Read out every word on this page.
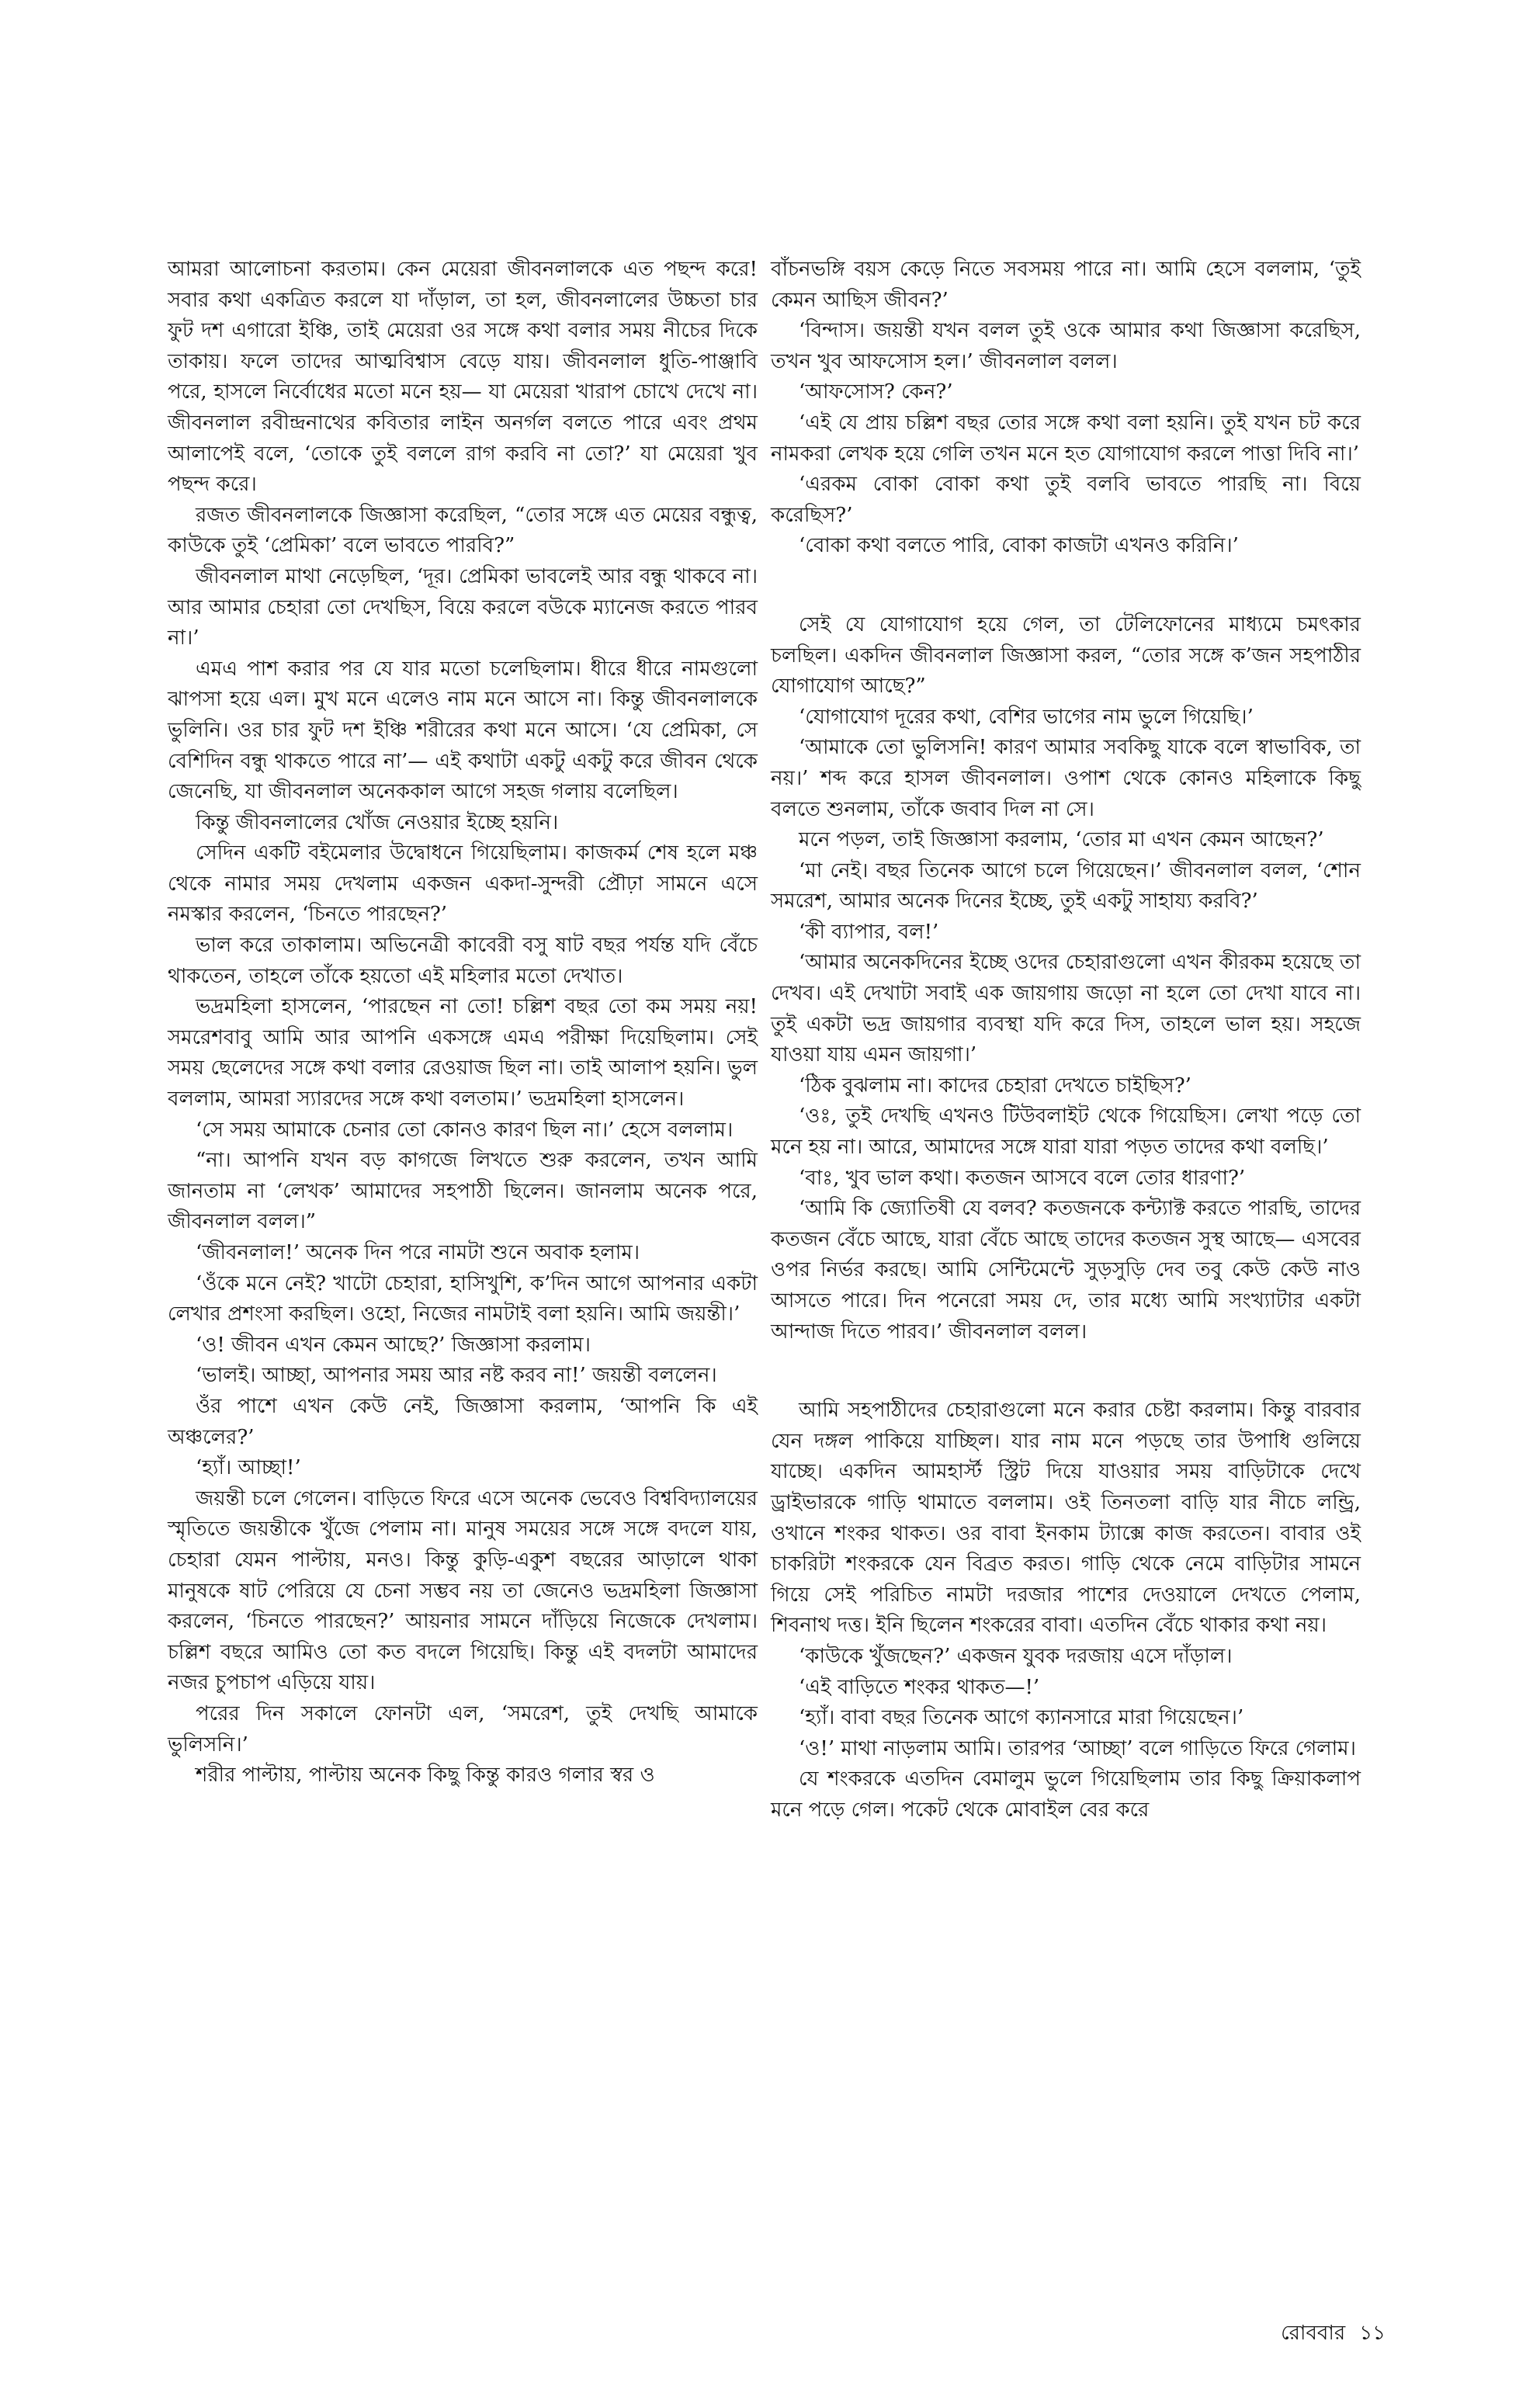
আমরা আলোচনা করতাম। কেন মেয়েরা জীবনলালকে এত পছন্দ করে! সবার কথা একত্রিত করলে যা দাঁড়াল, তা হল, জীবনলালের উচ্চতা চার ফুট দশ এগারো ইঞ্চি, তাই মেয়েরা ওর সঙ্গে কথা বলার সময় নীচের দিকে তাকায়। ফলে তাদের আত্মবিশ্বাস বেড়ে যায়। জীবনলাল ধুতি-পাঞ্জাবি পরে, হাসলে নির্বোধের মতো মনে হয়— যা মেয়েরা খারাপ চোখে দেখে না। জীবনলাল রবীন্দ্রনাথের কবিতার লাইন অনর্গল বলতে পারে এবং প্রথম আলাপেই বলে, ‘তোকে তুই বললে রাগ করবি না তো?’ যা মেয়েরা খুব পছন্দ করে।

রজত জীবনলালকে জিজ্ঞাসা করেছিল, “তোর সঙ্গে এত মেয়ের বন্ধুত্ব, কাউকে তুই ‘প্রেমিকা’ বলে ভাবতে পারবি?”

জীবনলাল মাথা নেড়েছিল, ‘দূর। প্রেমিকা ভাবলেই আর বন্ধু থাকবে না। আর আমার চেহারা তো দেখছিস, বিয়ে করলে বউকে ম্যানেজ করতে পারব না।’

এমএ পাশ করার পর যে যার মতো চলেছিলাম। ধীরে ধীরে নামগুলো ঝাপসা হয়ে এল। মুখ মনে এলেও নাম মনে আসে না। কিন্তু জীবনলালকে ভুলিনি। ওর চার ফুট দশ ইঞ্চি শরীরের কথা মনে আসে। ‘যে প্রেমিকা, সে বেশিদিন বন্ধু থাকতে পারে না’— এই কথাটা একটু একটু করে জীবন থেকে জেনেছি, যা জীবনলাল অনেককাল আগে সহজ গলায় বলেছিল।

কিন্তু জীবনলালের খোঁজ নেওয়ার ইচ্ছে হয়নি।

সেদিন একটি বইমেলার উদ্বোধনে গিয়েছিলাম। কাজকর্ম শেষ হলে মঞ্চ থেকে নামার সময় দেখলাম একজন একদা-সুন্দরী প্রৌঢ়া সামনে এসে নমস্কার করলেন, ‘চিনতে পারছেন?’

ভাল করে তাকালাম। অভিনেত্রী কাবেরী বসু ষাট বছর পর্যন্ত যদি বেঁচে থাকতেন, তাহলে তাঁকে হয়তো এই মহিলার মতো দেখাত।

ভদ্রমহিলা হাসলেন, ‘পারছেন না তো! চল্লিশ বছর তো কম সময় নয়! সমরেশবাবু আমি আর আপনি একসঙ্গে এমএ পরীক্ষা দিয়েছিলাম। সেই সময় ছেলেদের সঙ্গে কথা বলার রেওয়াজ ছিল না। তাই আলাপ হয়নি। ভুল বললাম, আমরা স্যারদের সঙ্গে কথা বলতাম।’ ভদ্রমহিলা হাসলেন।

‘সে সময় আমাকে চেনার তো কোনও কারণ ছিল না।’ হেসে বললাম।

“না। আপনি যখন বড় কাগজে লিখতে শুরু করলেন, তখন আমি জানতাম না ‘লেখক’ আমাদের সহপাঠী ছিলেন। জানলাম অনেক পরে, জীবনলাল বলল।”

‘জীবনলাল!’ অনেক দিন পরে নামটা শুনে অবাক হলাম।

‘ওঁকে মনে নেই? খাটো চেহারা, হাসিখুশি, ক’দিন আগে আপনার একটা লেখার প্রশংসা করছিল। ওহো, নিজের নামটাই বলা হয়নি। আমি জয়ন্তী।’

‘ও! জীবন এখন কেমন আছে?’ জিজ্ঞাসা করলাম।

‘ভালই। আচ্ছা, আপনার সময় আর নষ্ট করব না!’ জয়ন্তী বললেন।

ওঁর পাশে এখন কেউ নেই, জিজ্ঞাসা করলাম, ‘আপনি কি এই অঞ্চলের?’

‘হ্যাঁ। আচ্ছা!’

জয়ন্তী চলে গেলেন। বাড়িতে ফিরে এসে অনেক ভেবেও বিশ্ববিদ্যালয়ের স্মৃতিতে জয়ন্তীকে খুঁজে পেলাম না। মানুষ সময়ের সঙ্গে সঙ্গে বদলে যায়, চেহারা যেমন পাল্টায়, মনও। কিন্তু কুড়ি-একুশ বছরের আড়ালে থাকা মানুষকে ষাট পেরিয়ে যে চেনা সম্ভব নয় তা জেনেও ভদ্রমহিলা জিজ্ঞাসা করলেন, ‘চিনতে পারছেন?’ আয়নার সামনে দাঁড়িয়ে নিজেকে দেখলাম। চল্লিশ বছরে আমিও তো কত বদলে গিয়েছি। কিন্তু এই বদলটা আমাদের নজর চুপচাপ এড়িয়ে যায়।

পরের দিন সকালে ফোনটা এল, ‘সমরেশ, তুই দেখছি আমাকে ভুলিসনি।’

শরীর পাল্টায়, পাল্টায় অনেক কিছু কিন্তু কারও গলার স্বর ও

বাঁচনভঙ্গি বয়স কেড়ে নিতে সবসময় পারে না। আমি হেসে বললাম, ‘তুই কেমন আছিস জীবন?’

‘বিন্দাস। জয়ন্তী যখন বলল তুই ওকে আমার কথা জিজ্ঞাসা করেছিস, তখন খুব আফসোস হল।’ জীবনলাল বলল।

‘আফসোস? কেন?’

‘এই যে প্রায় চল্লিশ বছর তোর সঙ্গে কথা বলা হয়নি। তুই যখন চট করে নামকরা লেখক হয়ে গেলি তখন মনে হত যোগাযোগ করলে পাত্তা দিবি না।’

‘এরকম বোকা বোকা কথা তুই বলবি ভাবতে পারছি না। বিয়ে করেছিস?’

‘বোকা কথা বলতে পারি, বোকা কাজটা এখনও করিনি।’

সেই যে যোগাযোগ হয়ে গেল, তা টেলিফোনের মাধ্যমে চমৎকার চলছিল। একদিন জীবনলাল জিজ্ঞাসা করল, “তোর সঙ্গে ক’জন সহপাঠীর যোগাযোগ আছে?”

‘যোগাযোগ দূরের কথা, বেশির ভাগের নাম ভুলে গিয়েছি।’

‘আমাকে তো ভুলিসনি! কারণ আমার সবকিছু যাকে বলে স্বাভাবিক, তা নয়।’ শব্দ করে হাসল জীবনলাল। ওপাশ থেকে কোনও মহিলাকে কিছু বলতে শুনলাম, তাঁকে জবাব দিল না সে।

মনে পড়ল, তাই জিজ্ঞাসা করলাম, ‘তোর মা এখন কেমন আছেন?’

‘মা নেই। বছর তিনেক আগে চলে গিয়েছেন।’ জীবনলাল বলল, ‘শোন সমরেশ, আমার অনেক দিনের ইচ্ছে, তুই একটু সাহায্য করবি?’

‘কী ব্যাপার, বল!’

‘আমার অনেকদিনের ইচ্ছে ওদের চেহারাগুলো এখন কীরকম হয়েছে তা দেখব। এই দেখাটা সবাই এক জায়গায় জড়ো না হলে তো দেখা যাবে না। তুই একটা ভদ্র জায়গার ব্যবস্থা যদি করে দিস, তাহলে ভাল হয়। সহজে যাওয়া যায় এমন জায়গা।’

‘ঠিক বুঝলাম না। কাদের চেহারা দেখতে চাইছিস?’

‘ওঃ, তুই দেখছি এখনও টিউবলাইট থেকে গিয়েছিস। লেখা পড়ে তো মনে হয় না। আরে, আমাদের সঙ্গে যারা যারা পড়ত তাদের কথা বলছি।’

‘বাঃ, খুব ভাল কথা। কতজন আসবে বলে তোর ধারণা?’

‘আমি কি জ্যোতিষী যে বলব? কতজনকে কন্ট্যাক্ট করতে পারছি, তাদের কতজন বেঁচে আছে, যারা বেঁচে আছে তাদের কতজন সুস্থ আছে— এসবের ওপর নির্ভর করছে। আমি সেন্টিমেন্টে সুড়সুড়ি দেব তবু কেউ কেউ নাও আসতে পারে। দিন পনেরো সময় দে, তার মধ্যে আমি সংখ্যাটার একটা আন্দাজ দিতে পারব।’ জীবনলাল বলল।

আমি সহপাঠীদের চেহারাগুলো মনে করার চেষ্টা করলাম। কিন্তু বারবার যেন দঙ্গল পাকিয়ে যাচ্ছিল। যার নাম মনে পড়ছে তার উপাধি গুলিয়ে যাচ্ছে। একদিন আমহার্স্ট স্ট্রিট দিয়ে যাওয়ার সময় বাড়িটাকে দেখে ড্রাইভারকে গাড়ি থামাতে বললাম। ওই তিনতলা বাড়ি যার নীচে লন্ড্রি, ওখানে শংকর থাকত। ওর বাবা ইনকাম ট্যাক্সে কাজ করতেন। বাবার ওই চাকরিটা শংকরকে যেন বিব্রত করত। গাড়ি থেকে নেমে বাড়িটার সামনে গিয়ে সেই পরিচিত নামটা দরজার পাশের দেওয়ালে দেখতে পেলাম, শিবনাথ দত্ত। ইনি ছিলেন শংকরের বাবা। এতদিন বেঁচে থাকার কথা নয়।

‘কাউকে খুঁজছেন?’ একজন যুবক দরজায় এসে দাঁড়াল।

‘এই বাড়িতে শংকর থাকত—!’

‘হ্যাঁ। বাবা বছর তিনেক আগে ক্যানসারে মারা গিয়েছেন।’

‘ও!’ মাথা নাড়লাম আমি। তারপর ‘আচ্ছা’ বলে গাড়িতে ফিরে গেলাম।

যে শংকরকে এতদিন বেমালুম ভুলে গিয়েছিলাম তার কিছু ক্রিয়াকলাপ মনে পড়ে গেল। পকেট থেকে মোবাইল বের করে

রোববার ১১
